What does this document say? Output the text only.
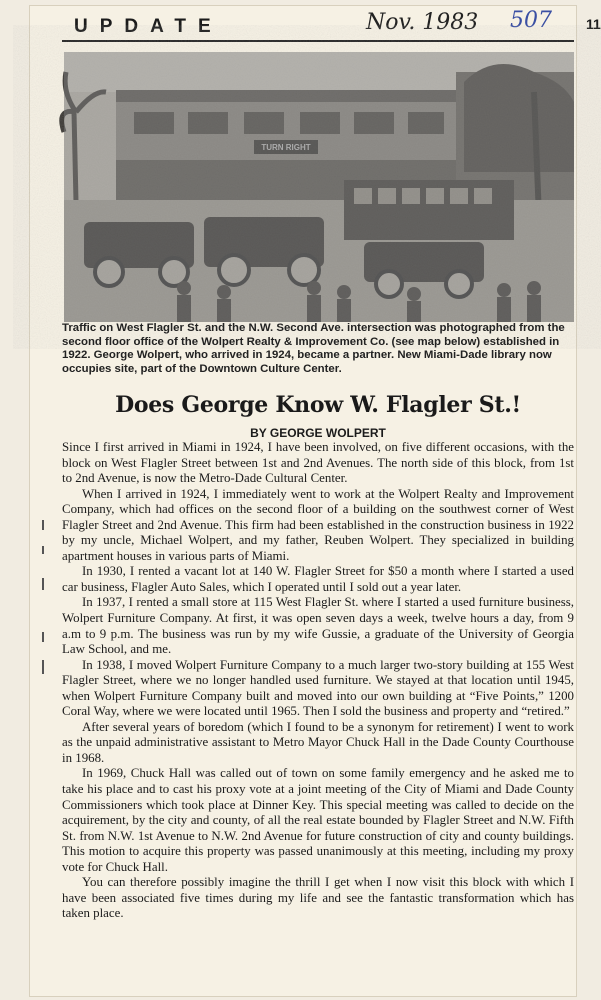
UPDATE	Nov. 1983 507 11
Traffic on West Flagler St. and the N.W. Second Ave. intersection was photographed from the second floor office of the Wolpert Realty & Improvement Co. (see map below) established in 1922. George Wolpert, who arrived in 1924, became a partner. New Miami-Dade library now occupies site, part of the Downtown Culture Center.
Does George Know W. Flagler St.!
BY GEORGE WOLPERT

Since I first arrived in Miami in 1924, I have been involved, on five different occasions, with the block on West Flagler Street between 1st and 2nd Avenues. The north side of this block, from 1st to 2nd Avenue, is now the Metro-Dade Cultural Center.

When I arrived in 1924, I immediately went to work at the Wolpert Realty and Improvement Company, which had offices on the second floor of a building on the southwest corner of West Flagler Street and 2nd Avenue. This firm had been established in the construction business in 1922 by my uncle, Michael Wolpert, and my father, Reuben Wolpert. They specialized in building apartment houses in various parts of Miami.

In 1930, I rented a vacant lot at 140 W. Flagler Street for $50 a month where I started a used car business, Flagler Auto Sales, which I operated until I sold out a year later.

In 1937, I rented a small store at 115 West Flagler St. where I started a used furniture business, Wolpert Furniture Company. At first, it was open seven days a week, twelve hours a day, from 9 a.m to 9 p.m. The business was run by my wife Gussie, a graduate of the University of Georgia Law School, and me.

In 1938, I moved Wolpert Furniture Company to a much larger two-story building at 155 West Flagler Street, where we no longer handled used furniture. We stayed at that location until 1945, when Wolpert Furniture Company built and moved into our own building at “Five Points,” 1200 Coral Way, where we were located until 1965. Then I sold the business and property and “retired.”

After several years of boredom (which I found to be a synonym for retirement) I went to work as the unpaid administrative assistant to Metro Mayor Chuck Hall in the Dade County Courthouse in 1968.

In 1969, Chuck Hall was called out of town on some family emergency and he asked me to take his place and to cast his proxy vote at a joint meeting of the City of Miami and Dade County Commissioners which took place at Dinner Key. This special meeting was called to decide on the acquirement, by the city and county, of all the real estate bounded by Flagler Street and N.W. Fifth St. from N.W. 1st Avenue to N.W. 2nd Avenue for future construction of city and county buildings. This motion to acquire this property was passed unanimously at this meeting, including my proxy vote for Chuck Hall.

You can therefore possibly imagine the thrill I get when I now visit this block with which I have been associated five times during my life and see the fantastic transformation which has taken place.
